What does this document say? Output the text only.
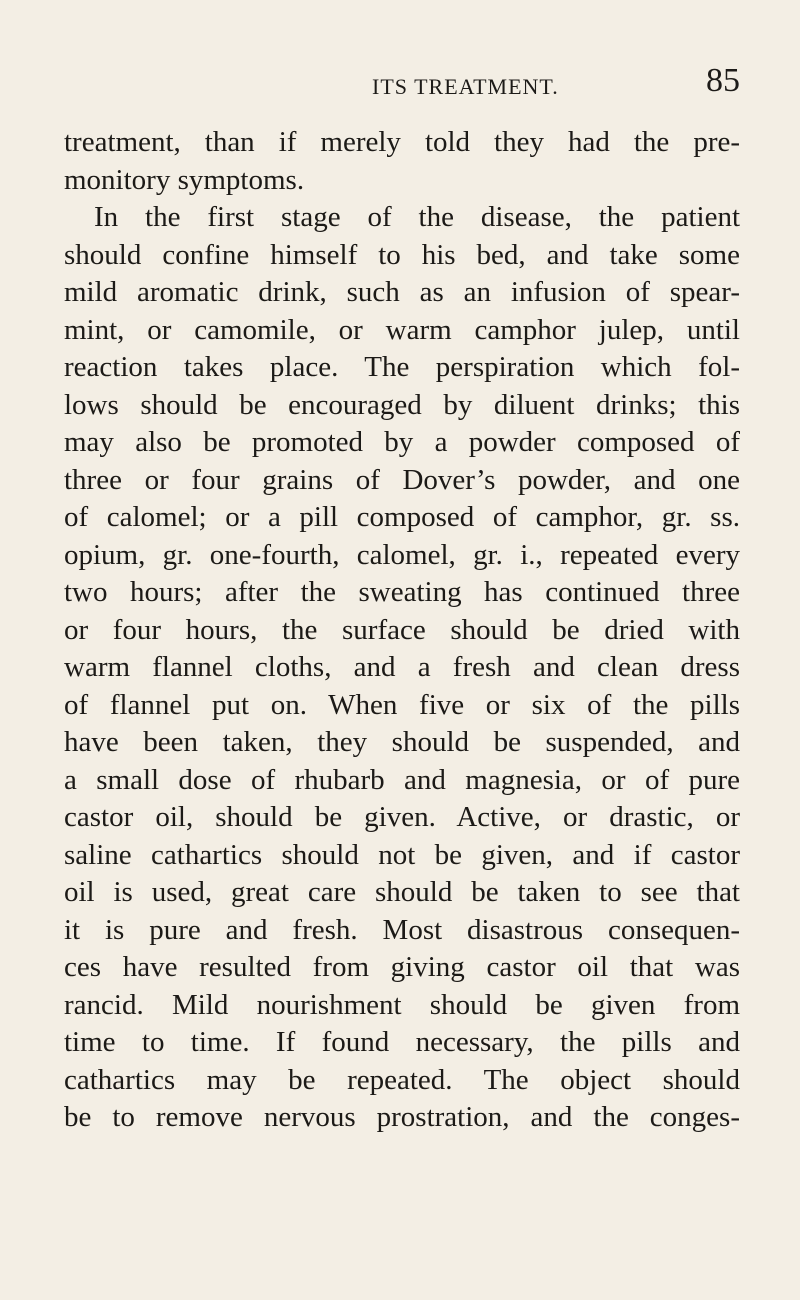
ITS TREATMENT.	85
treatment, than if merely told they had the pre-
monitory symptoms.
In the first stage of the disease, the patient
should confine himself to his bed, and take some
mild aromatic drink, such as an infusion of spear-
mint, or camomile, or warm camphor julep, until
reaction takes place. The perspiration which fol-
lows should be encouraged by diluent drinks; this
may also be promoted by a powder composed of
three or four grains of Dover’s powder, and one
of calomel; or a pill composed of camphor, gr. ss.
opium, gr. one-fourth, calomel, gr. i., repeated every
two hours; after the sweating has continued three
or four hours, the surface should be dried with
warm flannel cloths, and a fresh and clean dress
of flannel put on. When five or six of the pills
have been taken, they should be suspended, and
a small dose of rhubarb and magnesia, or of pure
castor oil, should be given. Active, or drastic, or
saline cathartics should not be given, and if castor
oil is used, great care should be taken to see that
it is pure and fresh. Most disastrous consequen-
ces have resulted from giving castor oil that was
rancid. Mild nourishment should be given from
time to time. If found necessary, the pills and
cathartics may be repeated. The object should
be to remove nervous prostration, and the conges-
